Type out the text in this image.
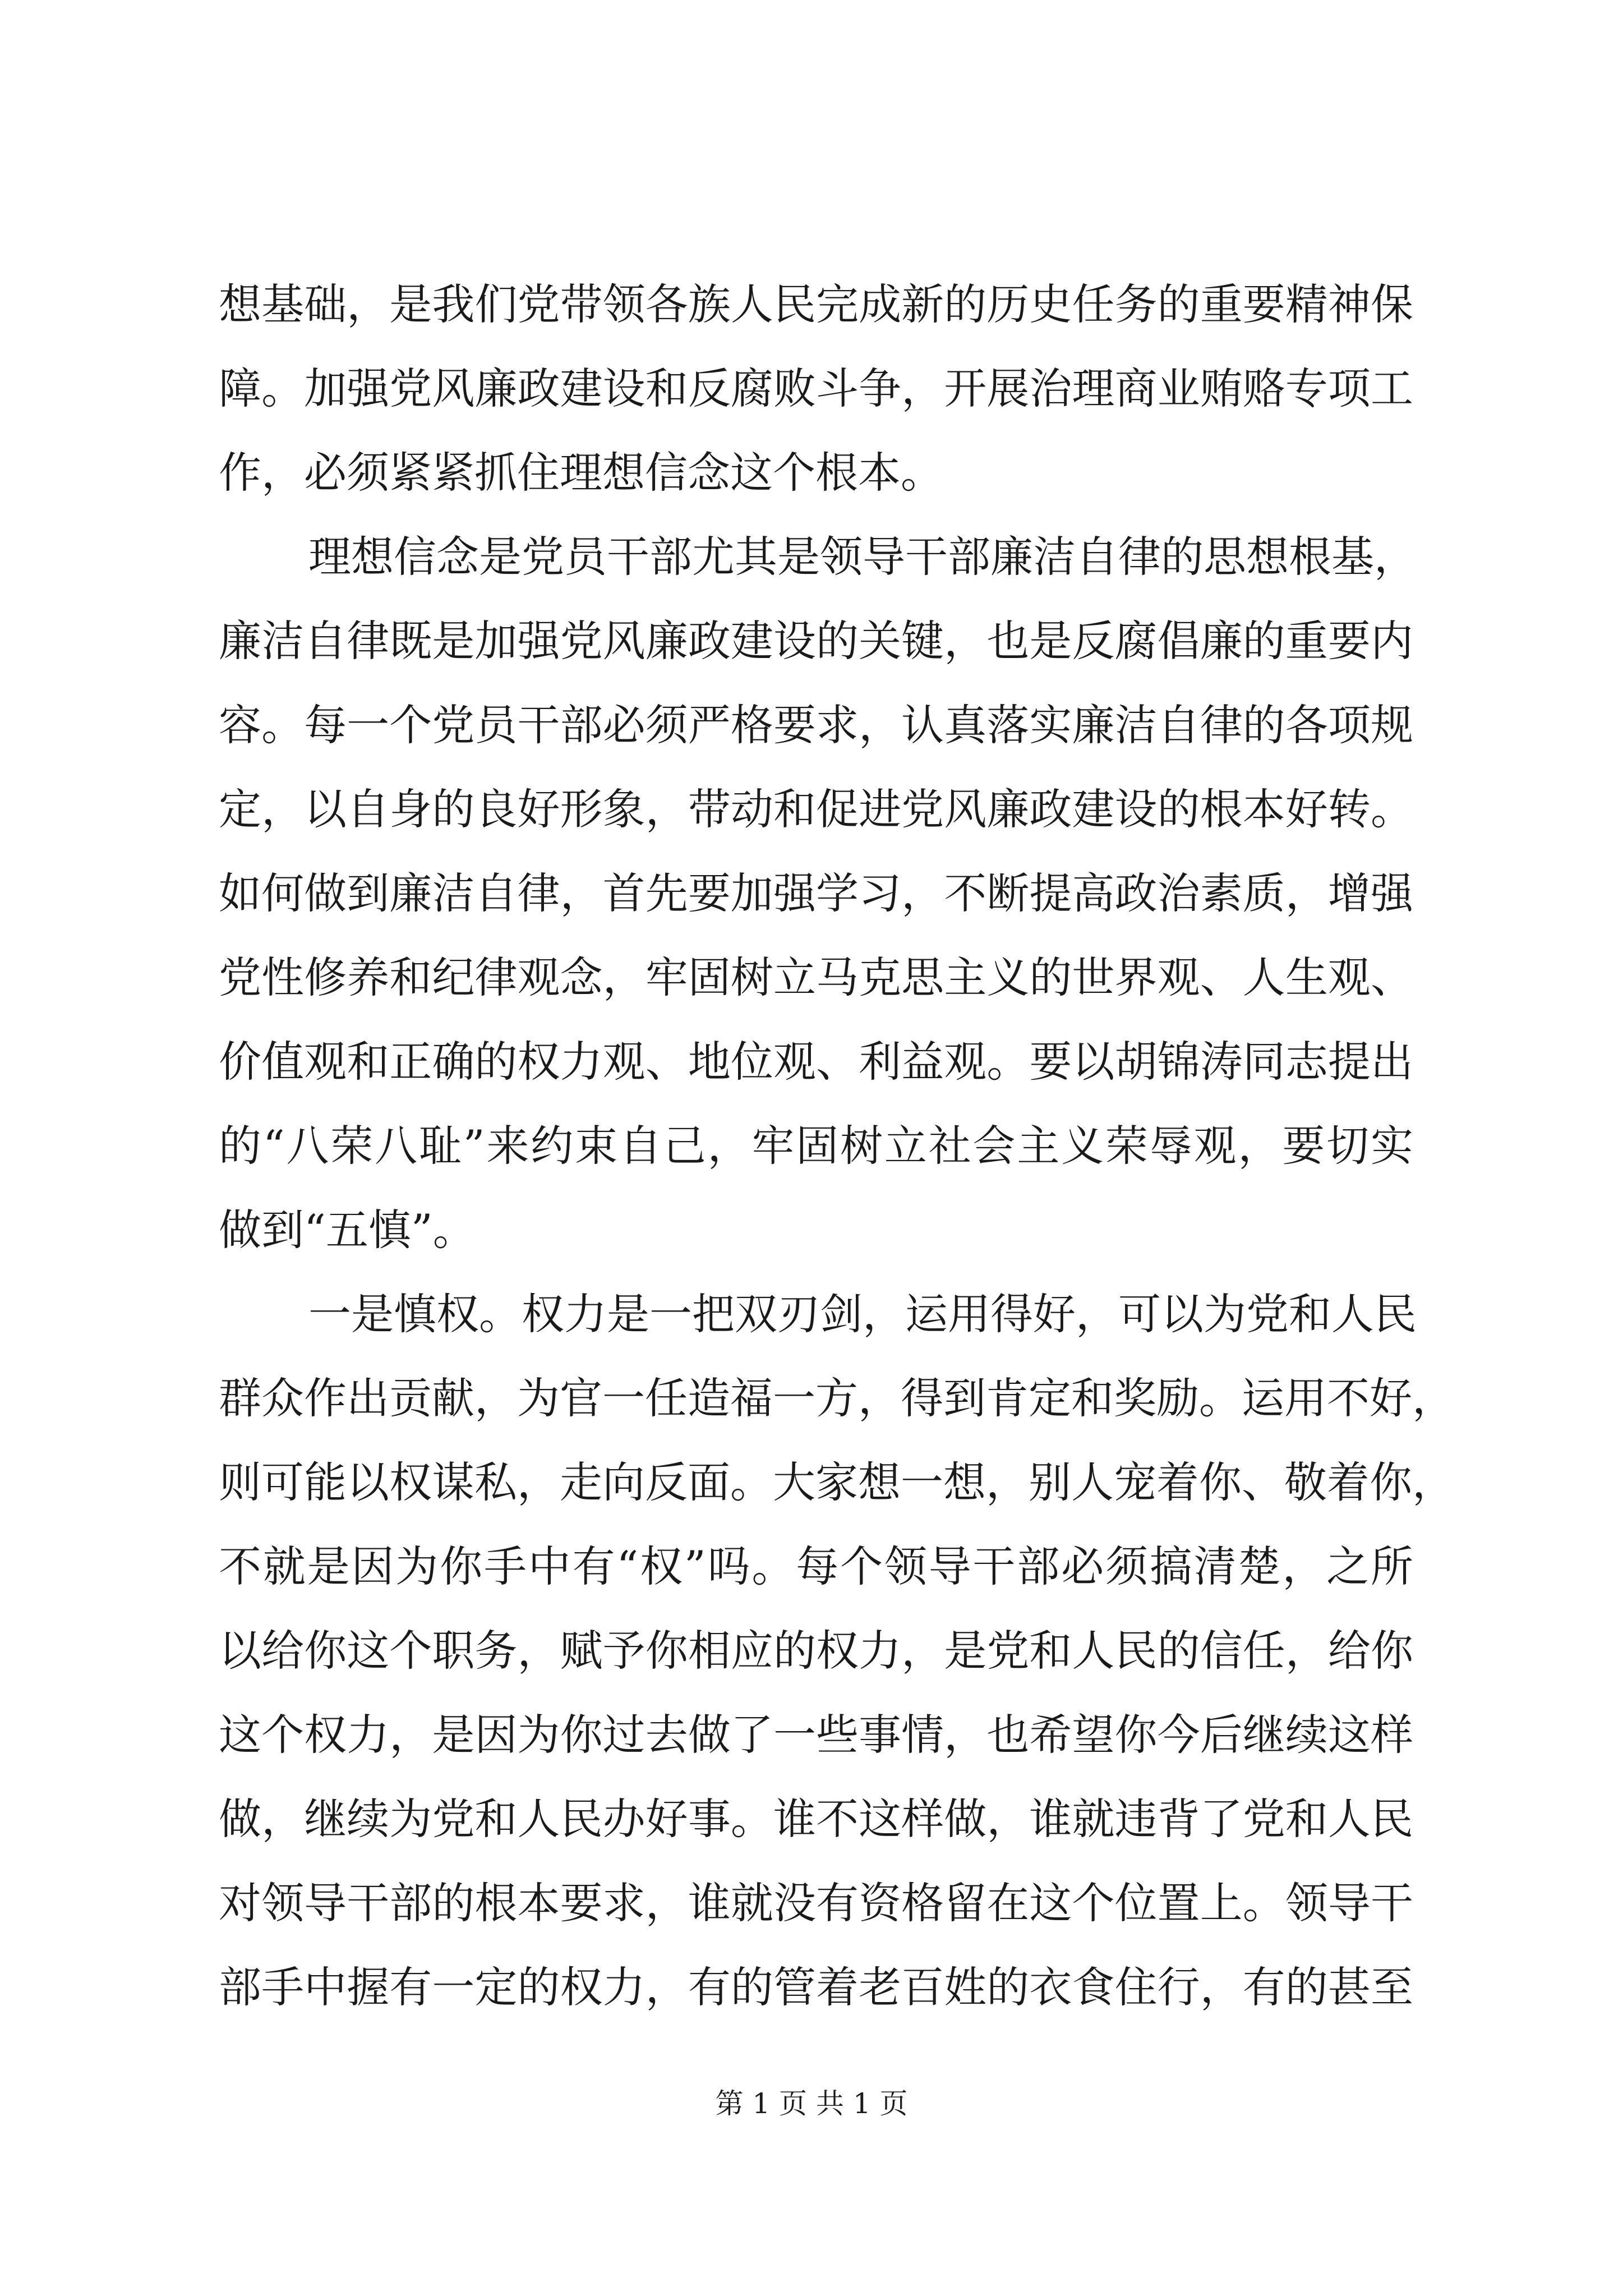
想基础，是我们党带领各族人民完成新的历史任务的重要精神保
障。加强党风廉政建设和反腐败斗争，开展治理商业贿赂专项工
作，必须紧紧抓住理想信念这个根本。
理想信念是党员干部尤其是领导干部廉洁自律的思想根基，
廉洁自律既是加强党风廉政建设的关键，也是反腐倡廉的重要内
容。每一个党员干部必须严格要求，认真落实廉洁自律的各项规
定，以自身的良好形象，带动和促进党风廉政建设的根本好转。
如何做到廉洁自律，首先要加强学习，不断提高政治素质，增强
党性修养和纪律观念，牢固树立马克思主义的世界观、人生观、
价值观和正确的权力观、地位观、利益观。要以胡锦涛同志提出
的“八荣八耻”来约束自己，牢固树立社会主义荣辱观，要切实
做到“五慎”。
一是慎权。权力是一把双刃剑，运用得好，可以为党和人民
群众作出贡献，为官一任造福一方，得到肯定和奖励。运用不好，
则可能以权谋私，走向反面。大家想一想，别人宠着你、敬着你，
不就是因为你手中有“权”吗。每个领导干部必须搞清楚，之所
以给你这个职务，赋予你相应的权力，是党和人民的信任，给你
这个权力，是因为你过去做了一些事情，也希望你今后继续这样
做，继续为党和人民办好事。谁不这样做，谁就违背了党和人民
对领导干部的根本要求，谁就没有资格留在这个位置上。领导干
部手中握有一定的权力，有的管着老百姓的衣食住行，有的甚至
第 1 页 共 1 页
